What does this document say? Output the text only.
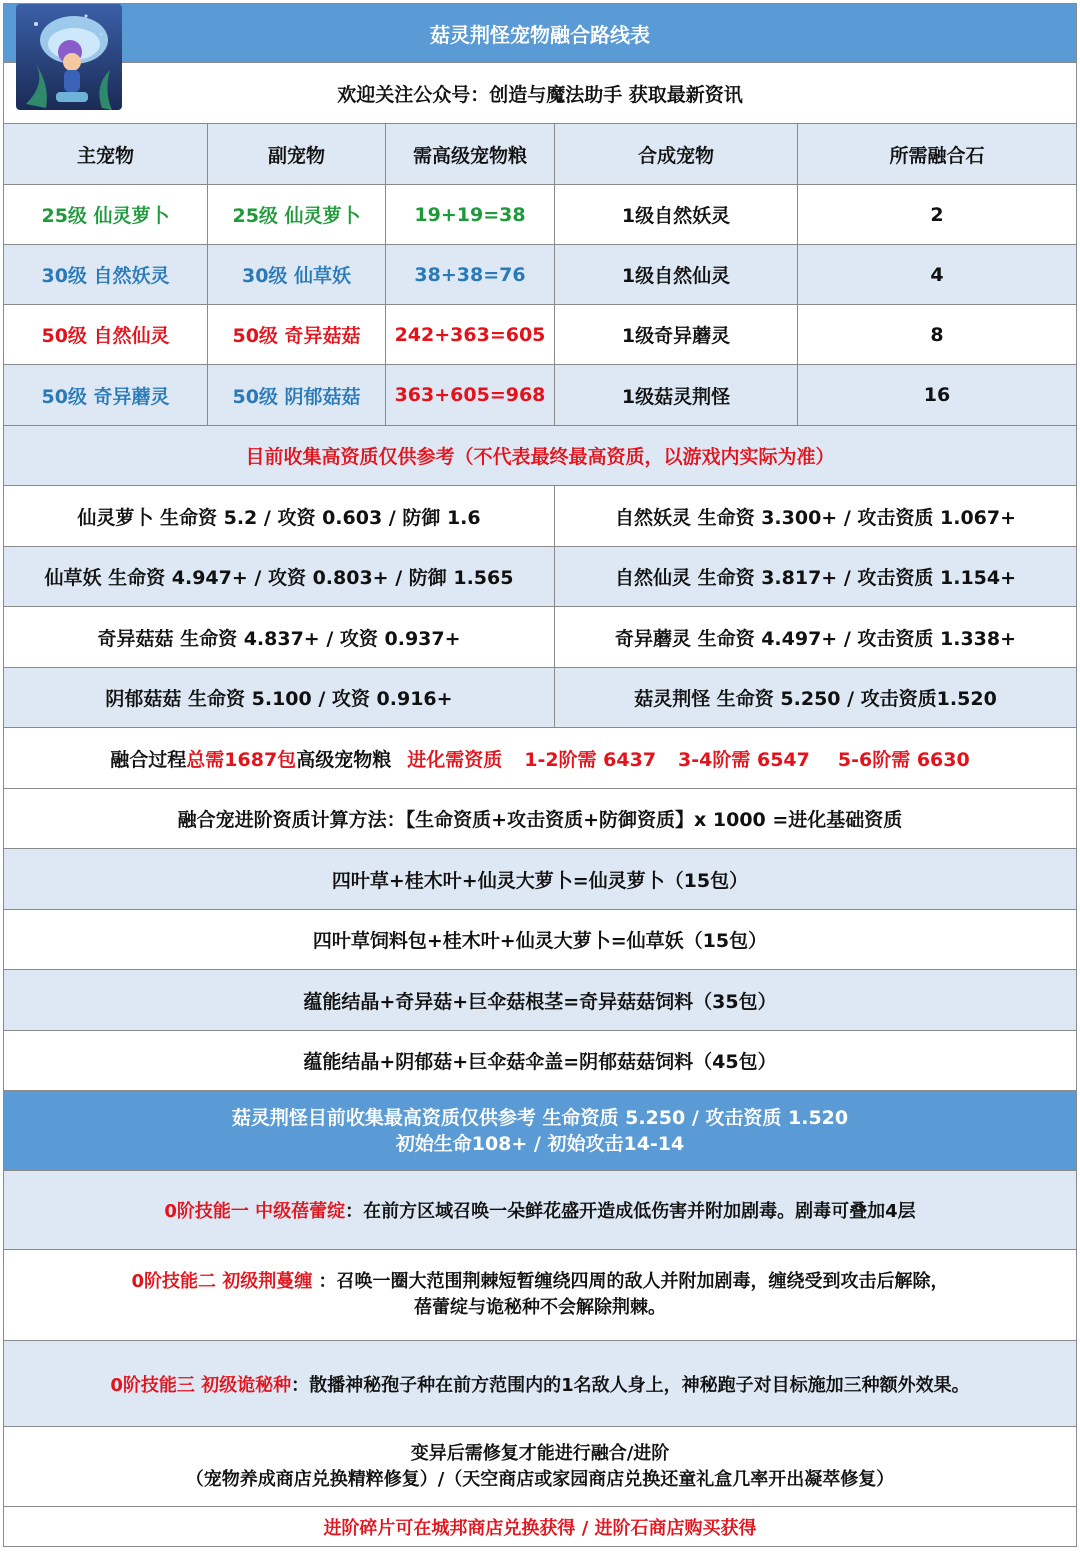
菇灵荆怪宠物融合路线表
欢迎关注公众号：创造与魔法助手 获取最新资讯
主宠物	副宠物	需高级宠物粮	合成宠物	所需融合石
25级 仙灵萝卜	25级 仙灵萝卜	19+19=38	1级自然妖灵	2
30级 自然妖灵	30级 仙草妖	38+38=76	1级自然仙灵	4
50级 自然仙灵	50级 奇异菇菇	242+363=605	1级奇异蘑灵	8
50级 奇异蘑灵	50级 阴郁菇菇	363+605=968	1级菇灵荆怪	16
目前收集高资质仅供参考（不代表最终最高资质，以游戏内实际为准）
仙灵萝卜 生命资 5.2 / 攻资 0.603 / 防御 1.6	自然妖灵 生命资 3.300+ / 攻击资质 1.067+
仙草妖 生命资 4.947+ / 攻资 0.803+ / 防御 1.565	自然仙灵 生命资 3.817+ / 攻击资质 1.154+
奇异菇菇 生命资 4.837+ / 攻资 0.937+	奇异蘑灵 生命资 4.497+ / 攻击资质 1.338+
阴郁菇菇 生命资 5.100 / 攻资 0.916+	菇灵荆怪 生命资 5.250 / 攻击资质1.520
融合过程 总需1687包 高级宠物粮 进化需资质 1-2阶需 6437 3-4阶需 6547 5-6阶需 6630
融合宠进阶资质计算方法：【生命资质+攻击资质+防御资质】x 1000 =进化基础资质
四叶草+桂木叶+仙灵大萝卜=仙灵萝卜（15包）
四叶草饲料包+桂木叶+仙灵大萝卜=仙草妖（15包）
蕴能结晶+奇异菇+巨伞菇根茎=奇异菇菇饲料（35包）
蕴能结晶+阴郁菇+巨伞菇伞盖=阴郁菇菇饲料（45包）
菇灵荆怪目前收集最高资质仅供参考 生命资质 5.250 / 攻击资质 1.520
初始生命108+ / 初始攻击14-14
0阶技能一 中级蓓蕾绽 ：在前方区域召唤一朵鲜花盛开造成低伤害并附加剧毒。剧毒可叠加4层
0阶技能二 初级荆蔓缠 ：召唤一圈大范围荆棘短暂缠绕四周的敌人并附加剧毒，缠绕受到攻击后解除，
蓓蕾绽与诡秘种不会解除荆棘。
0阶技能三 初级诡秘种 ：散播神秘孢子种在前方范围内的1名敌人身上，神秘跑子对目标施加三种额外效果。
变异后需修复才能进行融合/进阶
（宠物养成商店兑换精粹修复）/（天空商店或家园商店兑换还童礼盒几率开出凝萃修复）
进阶碎片可在城邦商店兑换获得 / 进阶石商店购买获得
